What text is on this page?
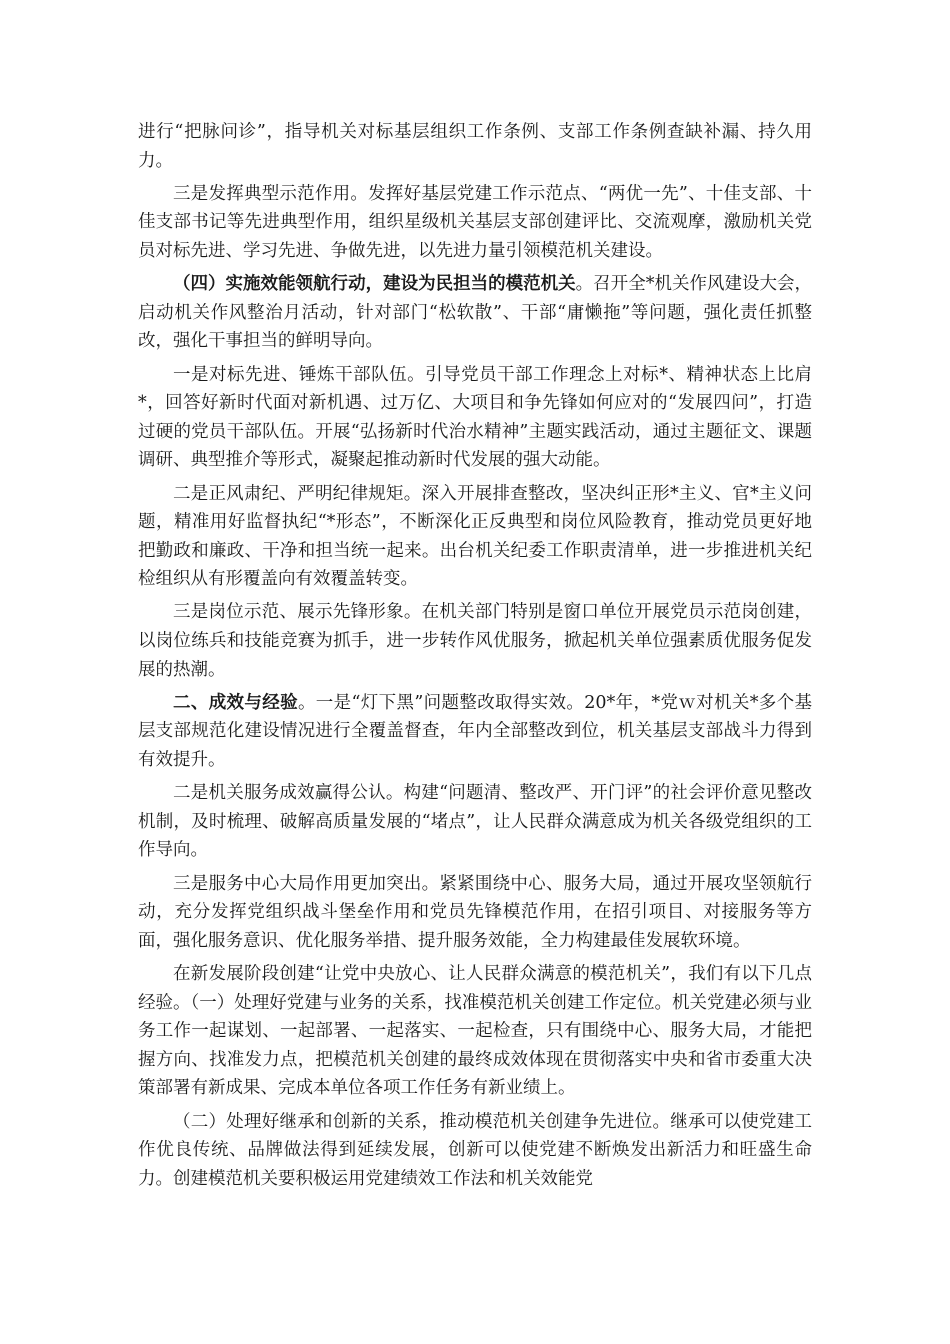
进行“把脉问诊”，指导机关对标基层组织工作条例、支部工作条例查缺补漏、持久用力。

三是发挥典型示范作用。发挥好基层党建工作示范点、“两优一先”、十佳支部、十佳支部书记等先进典型作用，组织星级机关基层支部创建评比、交流观摩，激励机关党员对标先进、学习先进、争做先进，以先进力量引领模范机关建设。

（四）实施效能领航行动，建设为民担当的模范机关。召开全*机关作风建设大会，启动机关作风整治月活动，针对部门“松软散”、干部“庸懒拖”等问题，强化责任抓整改，强化干事担当的鲜明导向。

一是对标先进、锤炼干部队伍。引导党员干部工作理念上对标*、精神状态上比肩*，回答好新时代面对新机遇、过万亿、大项目和争先锋如何应对的“发展四问”，打造过硬的党员干部队伍。开展“弘扬新时代治水精神”主题实践活动，通过主题征文、课题调研、典型推介等形式，凝聚起推动新时代发展的强大动能。

二是正风肃纪、严明纪律规矩。深入开展排查整改，坚决纠正形*主义、官*主义问题，精准用好监督执纪“*形态”，不断深化正反典型和岗位风险教育，推动党员更好地把勤政和廉政、干净和担当统一起来。出台机关纪委工作职责清单，进一步推进机关纪检组织从有形覆盖向有效覆盖转变。

三是岗位示范、展示先锋形象。在机关部门特别是窗口单位开展党员示范岗创建，以岗位练兵和技能竞赛为抓手，进一步转作风优服务，掀起机关单位强素质优服务促发展的热潮。

二、成效与经验。一是“灯下黑”问题整改取得实效。20*年，*党ｗ对机关*多个基层支部规范化建设情况进行全覆盖督查，年内全部整改到位，机关基层支部战斗力得到有效提升。

二是机关服务成效赢得公认。构建“问题清、整改严、开门评”的社会评价意见整改机制，及时梳理、破解高质量发展的“堵点”，让人民群众满意成为机关各级党组织的工作导向。

三是服务中心大局作用更加突出。紧紧围绕中心、服务大局，通过开展攻坚领航行动，充分发挥党组织战斗堡垒作用和党员先锋模范作用，在招引项目、对接服务等方面，强化服务意识、优化服务举措、提升服务效能，全力构建最佳发展软环境。

在新发展阶段创建“让党中央放心、让人民群众满意的模范机关”，我们有以下几点经验。（一）处理好党建与业务的关系，找准模范机关创建工作定位。机关党建必须与业务工作一起谋划、一起部署、一起落实、一起检查，只有围绕中心、服务大局，才能把握方向、找准发力点，把模范机关创建的最终成效体现在贯彻落实中央和省市委重大决策部署有新成果、完成本单位各项工作任务有新业绩上。

（二）处理好继承和创新的关系，推动模范机关创建争先进位。继承可以使党建工作优良传统、品牌做法得到延续发展，创新可以使党建不断焕发出新活力和旺盛生命力。创建模范机关要积极运用党建绩效工作法和机关效能党
